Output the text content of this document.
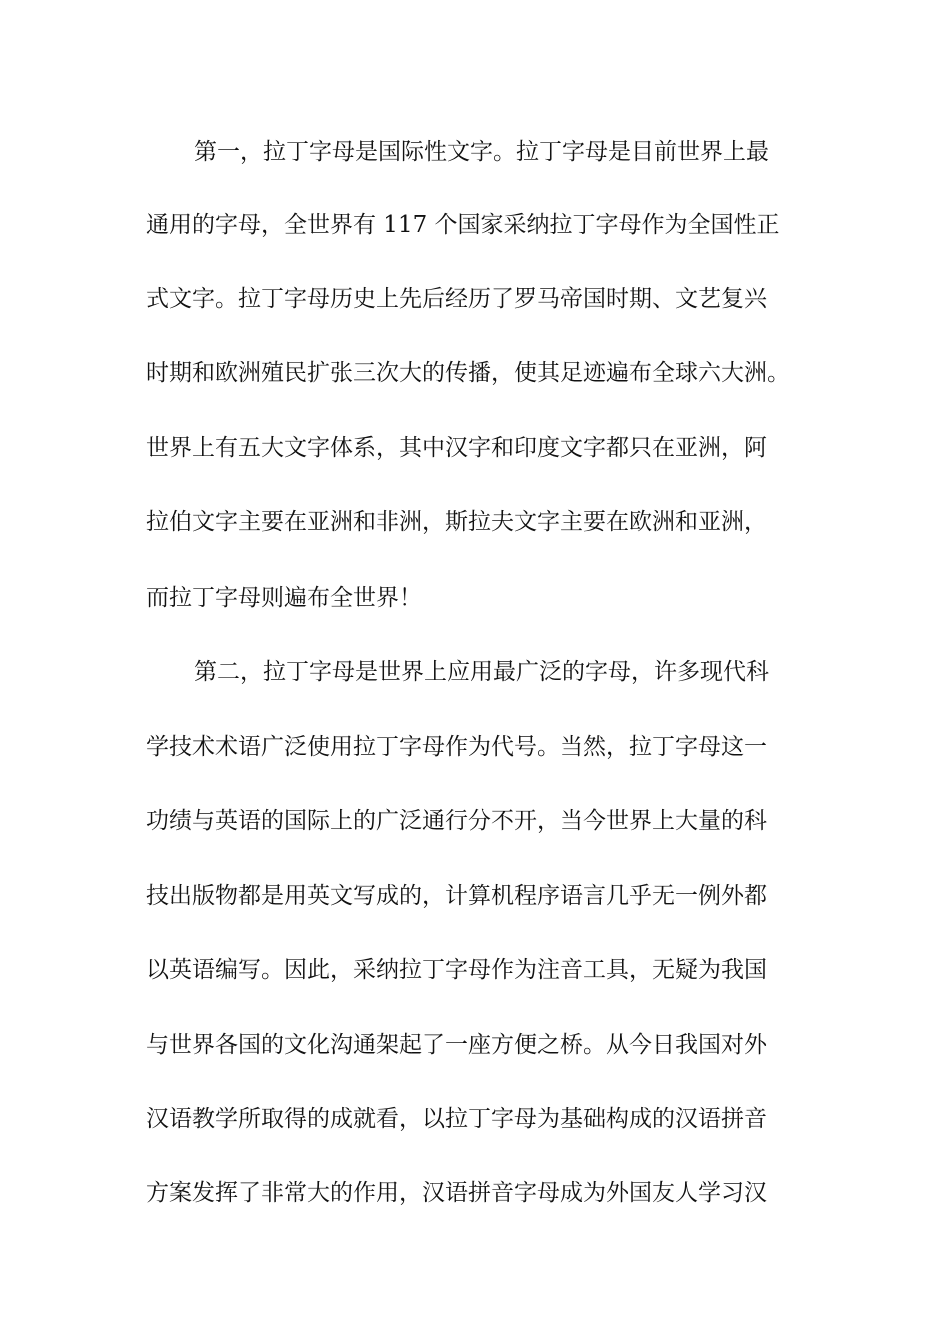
第一，拉丁字母是国际性文字。拉丁字母是目前世界上最
通用的字母，全世界有 117 个国家采纳拉丁字母作为全国性正
式文字。拉丁字母历史上先后经历了罗马帝国时期、文艺复兴
时期和欧洲殖民扩张三次大的传播，使其足迹遍布全球六大洲。
世界上有五大文字体系，其中汉字和印度文字都只在亚洲，阿
拉伯文字主要在亚洲和非洲，斯拉夫文字主要在欧洲和亚洲，
而拉丁字母则遍布全世界！
第二，拉丁字母是世界上应用最广泛的字母，许多现代科
学技术术语广泛使用拉丁字母作为代号。当然，拉丁字母这一
功绩与英语的国际上的广泛通行分不开，当今世界上大量的科
技出版物都是用英文写成的，计算机程序语言几乎无一例外都
以英语编写。因此，采纳拉丁字母作为注音工具，无疑为我国
与世界各国的文化沟通架起了一座方便之桥。从今日我国对外
汉语教学所取得的成就看，以拉丁字母为基础构成的汉语拼音
方案发挥了非常大的作用，汉语拼音字母成为外国友人学习汉
